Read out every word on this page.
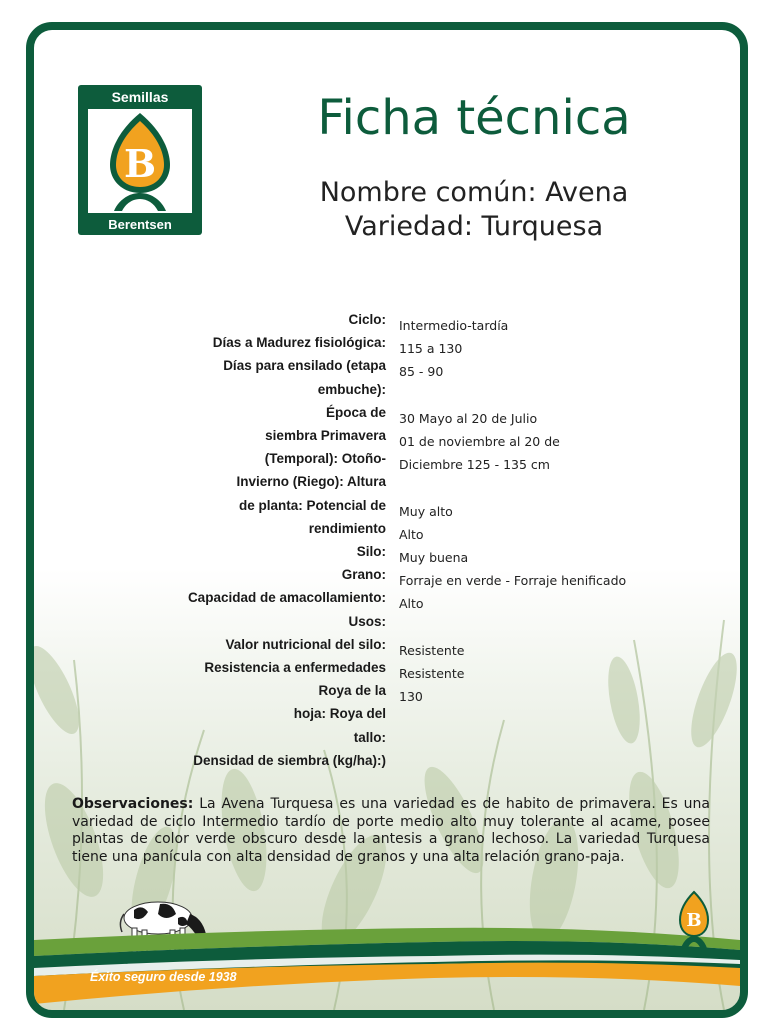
Semillas
B
Berentsen
Ficha técnica
Nombre común: Avena
Variedad: Turquesa
Ciclo:
Días a Madurez fisiológica:
Días para ensilado (etapa embuche):
Época de
siembra Primavera
(Temporal): Otoño-
Invierno (Riego): Altura
de planta: Potencial de
rendimiento
Silo:
Grano:
Capacidad de amacollamiento:
Usos:
Valor nutricional del silo:
Resistencia a enfermedades
Roya de la
hoja: Roya del
tallo:
Densidad de siembra (kg/ha):)
Intermedio-tardía
115 a 130
85 - 90

30 Mayo al 20 de Julio
01 de noviembre al 20 de
Diciembre 125 - 135 cm

Muy alto
Alto
Muy buena
Forraje en verde - Forraje henificado
Alto

Resistente
Resistente
130
Observaciones: La Avena Turquesa es una variedad es de habito de primavera. Es una variedad de ciclo Intermedio tardío de porte medio alto muy tolerante al acame, posee plantas de color verde obscuro desde la antesis a grano lechoso. La variedad Turquesa tiene una panícula con alta densidad de granos y una alta relación grano-paja.
B
Éxito seguro desde 1938
